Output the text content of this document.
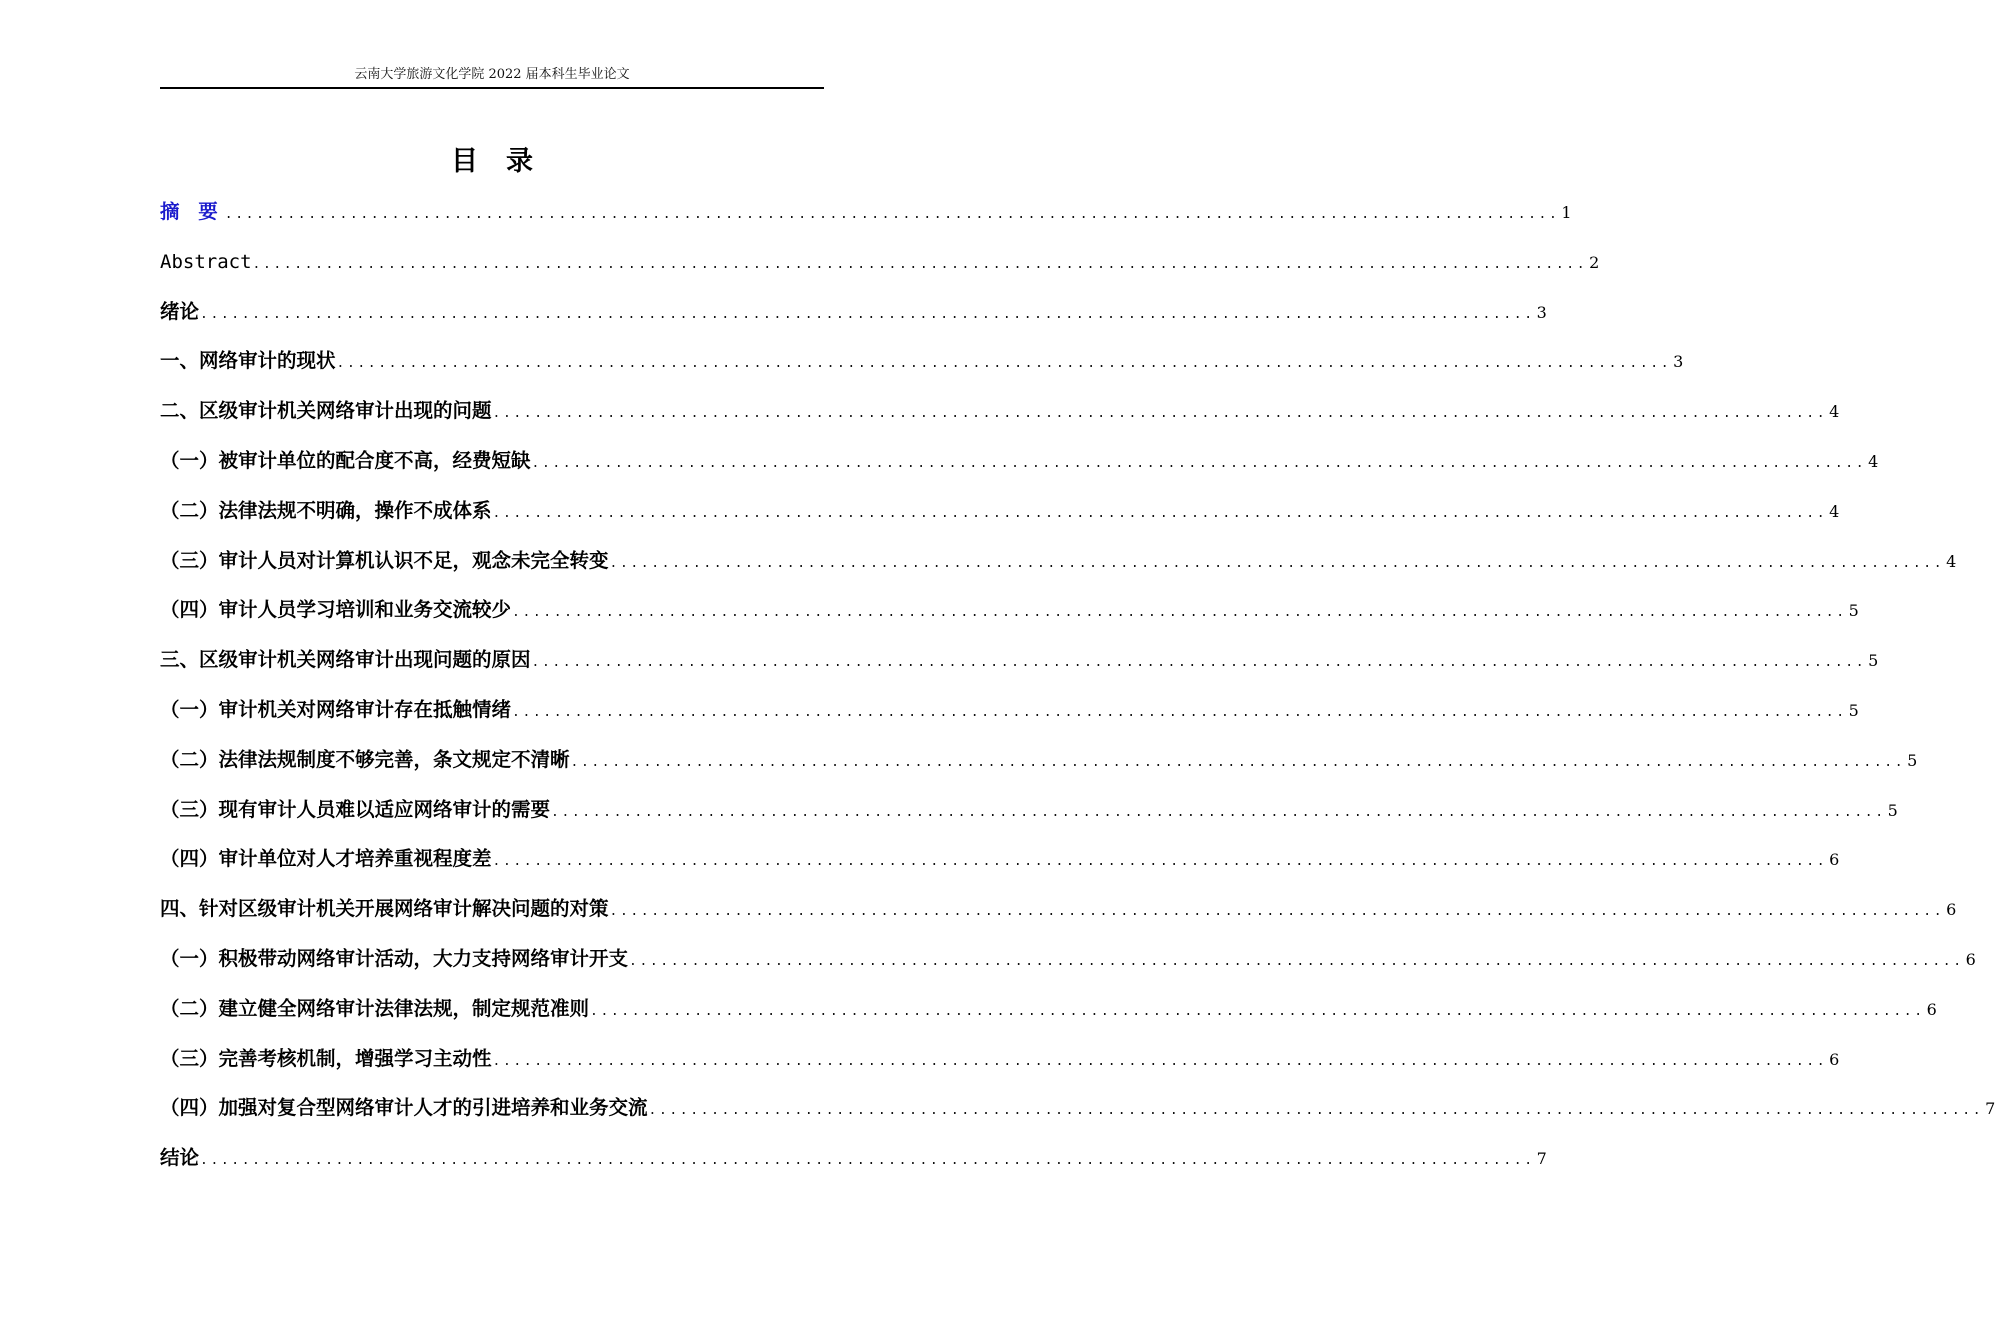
云南大学旅游文化学院 2022 届本科生毕业论文
目录
摘 要 ................................................................................................................................ 1
Abstract ................................................................................................................................ 2
绪论 ................................................................................................................................ 3
一、网络审计的现状 ................................................................................................................................ 3
二、区级审计机关网络审计出现的问题 ................................................................................................................................ 4
（一）被审计单位的配合度不高，经费短缺 ................................................................................................................................ 4
（二）法律法规不明确，操作不成体系 ................................................................................................................................ 4
（三）审计人员对计算机认识不足，观念未完全转变 ................................................................................................................................ 4
（四）审计人员学习培训和业务交流较少 ................................................................................................................................ 5
三、区级审计机关网络审计出现问题的原因 ................................................................................................................................ 5
（一）审计机关对网络审计存在抵触情绪 ................................................................................................................................ 5
（二）法律法规制度不够完善，条文规定不清晰 ................................................................................................................................ 5
（三）现有审计人员难以适应网络审计的需要 ................................................................................................................................ 5
（四）审计单位对人才培养重视程度差 ................................................................................................................................ 6
四、针对区级审计机关开展网络审计解决问题的对策 ................................................................................................................................ 6
（一）积极带动网络审计活动，大力支持网络审计开支 ................................................................................................................................ 6
（二）建立健全网络审计法律法规，制定规范准则 ................................................................................................................................ 6
（三）完善考核机制，增强学习主动性 ................................................................................................................................ 6
（四）加强对复合型网络审计人才的引进培养和业务交流 ................................................................................................................................ 7
结论 ................................................................................................................................ 7
